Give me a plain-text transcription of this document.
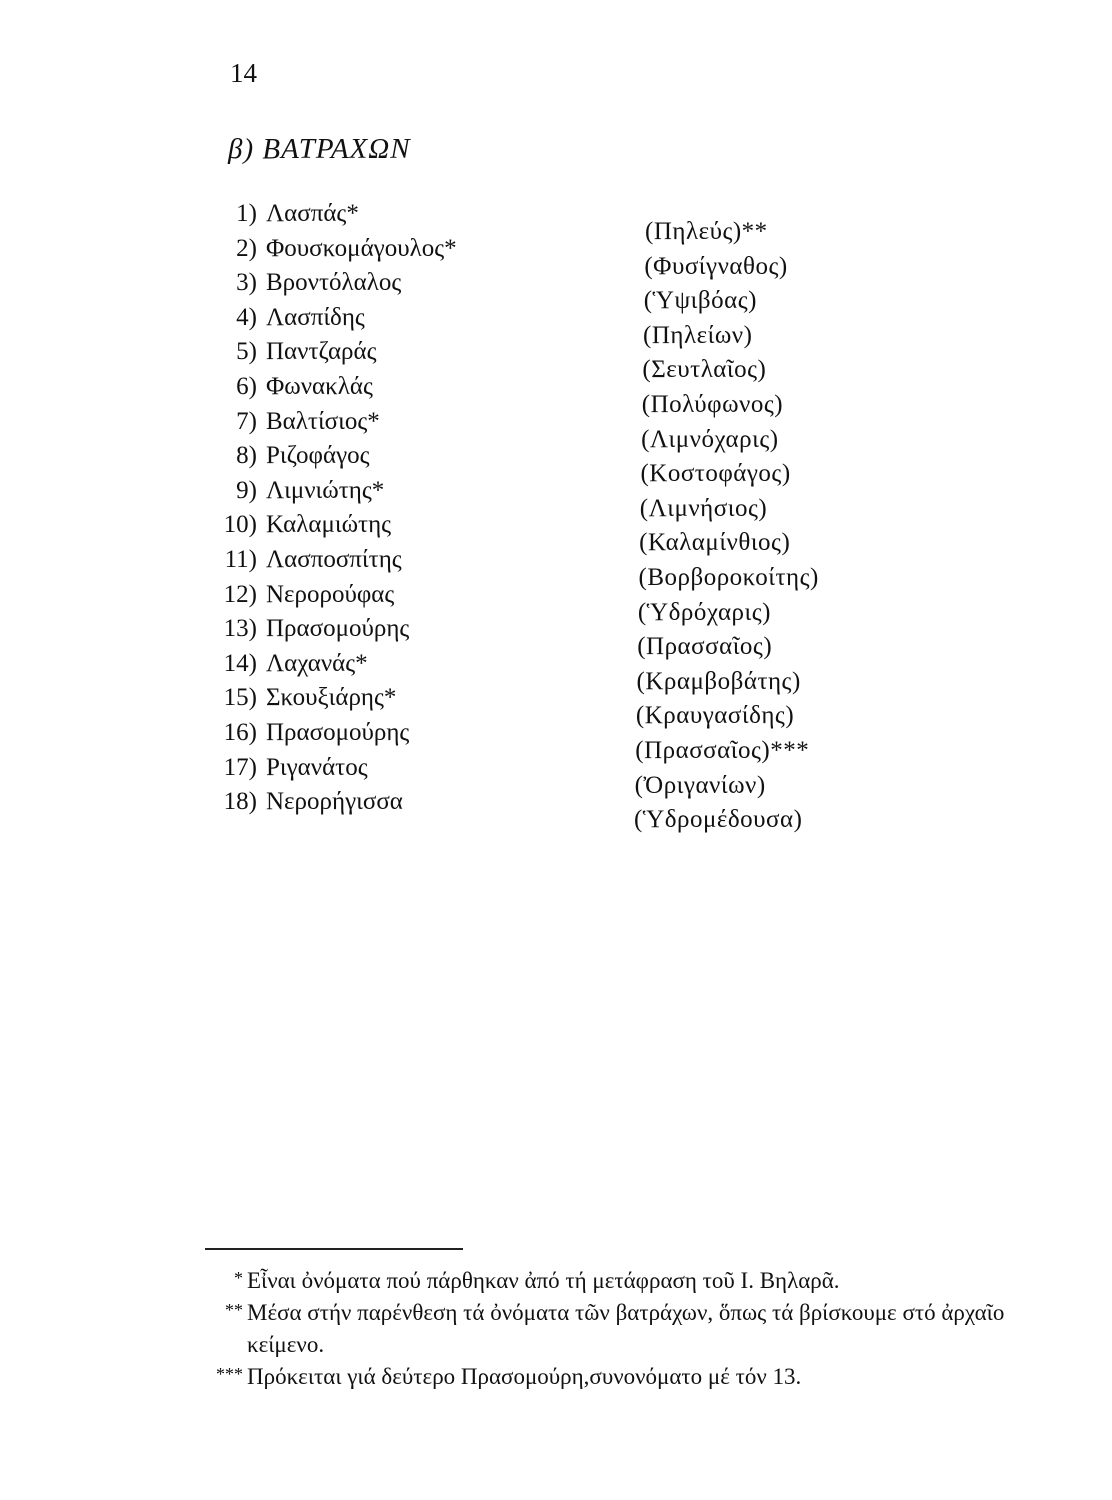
14
β) ΒΑΤΡΑΧΩΝ
1) Λασπάς*
(Πηλεύς)**
2) Φουσκομάγουλος*
(Φυσίγναθος)
3) Βροντόλαλος
(Ὑψιβόας)
4) Λασπίδης
(Πηλείων)
5) Παντζαράς
(Σευτλαῖος)
6) Φωνακλάς
(Πολύφωνος)
7) Βαλτίσιος*
(Λιμνόχαρις)
8) Ριζοφάγος
(Κοστοφάγος)
9) Λιμνιώτης*
(Λιμνήσιος)
10) Καλαμιώτης
(Καλαμίνθιος)
11) Λασποσπίτης
(Βορβοροκοίτης)
12) Νερορούφας
(Ὑδρόχαρις)
13) Πρασομούρης
(Πρασσαῖος)
14) Λαχανάς*
(Κραμβοβάτης)
15) Σκουξιάρης*
(Κραυγασίδης)
16) Πρασομούρης
(Πρασσαῖος)***
17) Ριγανάτος
(Ὀριγανίων)
18) Νερορήγισσα
(Ὑδρομέδουσα)
* Εἶναι ὀνόματα πού πάρθηκαν ἀπό τή μετάφραση τοῦ Ι. Βηλαρᾶ.
** Μέσα στήν παρένθεση τά ὀνόματα τῶν βατράχων, ὅπως τά βρίσκουμε στό ἀρχαῖο κείμενο.
*** Πρόκειται γιά δεύτερο Πρασομούρη,συνονόματο μέ τόν 13.
